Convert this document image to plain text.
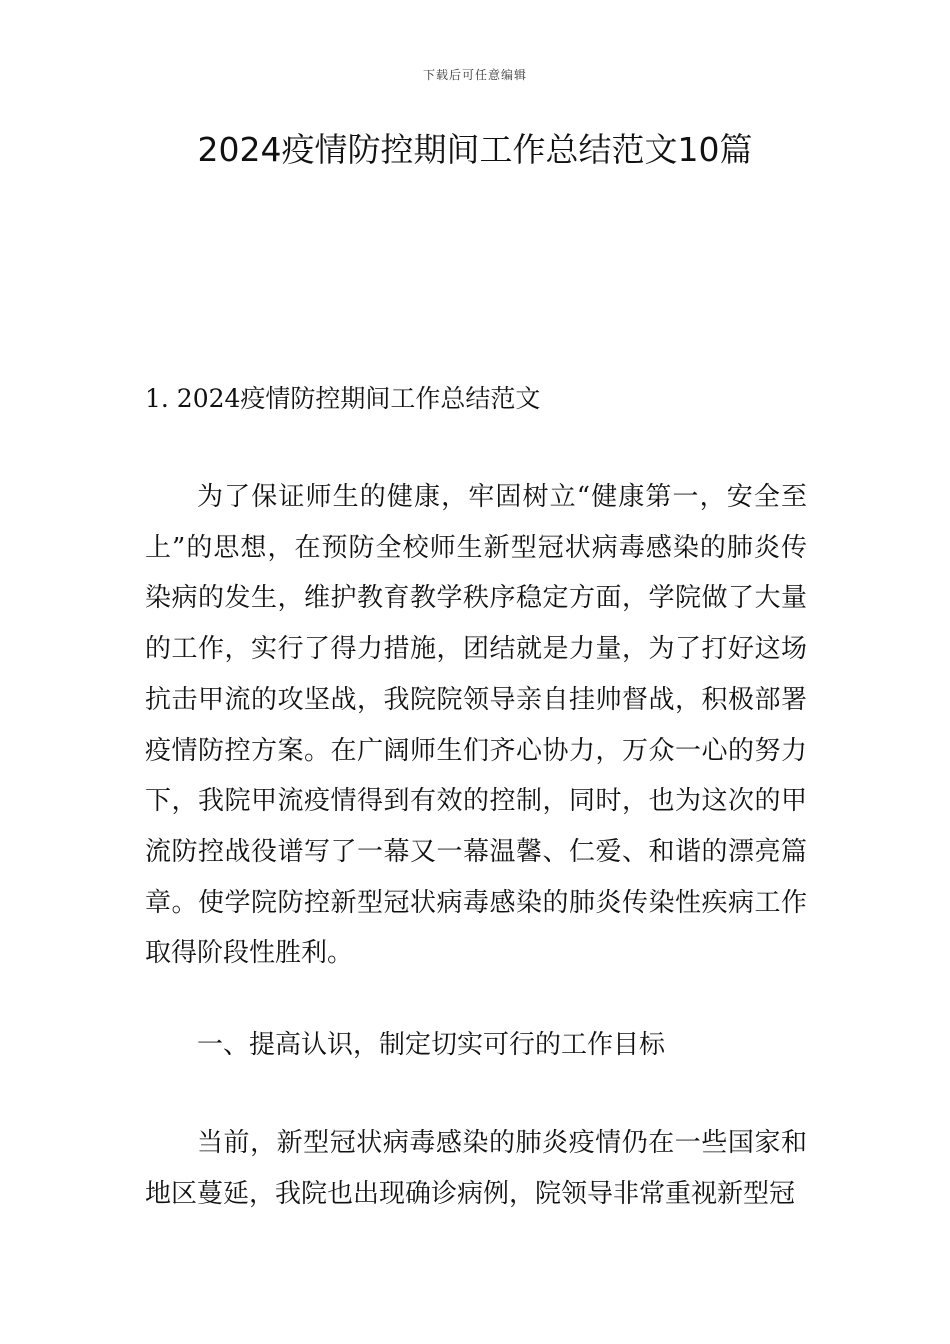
下载后可任意编辑
2024疫情防控期间工作总结范文10篇
1. 2024疫情防控期间工作总结范文

为了保证师生的健康，牢固树立“健康第一，安全至上”的思想，在预防全校师生新型冠状病毒感染的肺炎传染病的发生，维护教育教学秩序稳定方面，学院做了大量的工作，实行了得力措施，团结就是力量，为了打好这场抗击甲流的攻坚战，我院院领导亲自挂帅督战，积极部署疫情防控方案。在广阔师生们齐心协力，万众一心的努力下，我院甲流疫情得到有效的控制，同时，也为这次的甲流防控战役谱写了一幕又一幕温馨、仁爱、和谐的漂亮篇章。使学院防控新型冠状病毒感染的肺炎传染性疾病工作取得阶段性胜利。

一、提高认识，制定切实可行的工作目标

当前，新型冠状病毒感染的肺炎疫情仍在一些国家和地区蔓延，我院也出现确诊病例，院领导非常重视新型冠
